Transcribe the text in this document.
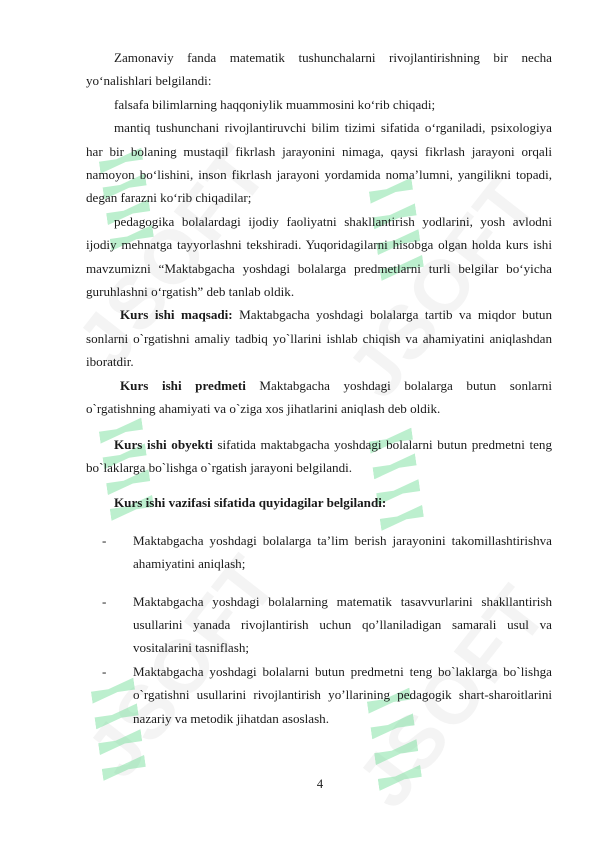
Zamonaviy fanda matematik tushunchalarni rivojlantirishning bir necha yo‘nalishlari belgilandi:

falsafa bilimlarning haqqoniylik muammosini ko‘rib chiqadi;

mantiq tushunchani rivojlantiruvchi bilim tizimi sifatida o‘rganiladi, psixologiya har bir bolaning mustaqil fikrlash jarayonini nimaga, qaysi fikrlash jarayoni orqali namoyon bo‘lishini, inson fikrlash jarayoni yordamida noma’lumni, yangilikni topadi, degan farazni ko‘rib chiqadilar;

pedagogika bolalardagi ijodiy faoliyatni shakllantirish yodlarini, yosh avlodni ijodiy mehnatga tayyorlashni tekshiradi. Yuqoridagilarni hisobga olgan holda kurs ishi mavzumizni “Maktabgacha yoshdagi bolalarga predmetlarni turli belgilar bo‘yicha guruhlashni o‘rgatish” deb tanlab oldik.

Kurs ishi maqsadi: Maktabgacha yoshdagi bolalarga tartib va miqdor butun sonlarni o`rgatishni amaliy tadbiq yo`llarini ishlab chiqish va ahamiyatini aniqlashdan iboratdir.

Kurs ishi predmeti Maktabgacha yoshdagi bolalarga butun sonlarni o`rgatishning ahamiyati va o`ziga xos jihatlarini aniqlash deb oldik.

Kurs ishi obyekti sifatida maktabgacha yoshdagi bolalarni butun predmetni teng bo`laklarga bo`lishga o`rgatish jarayoni belgilandi.

Kurs ishi vazifasi sifatida quyidagilar belgilandi:

- Maktabgacha yoshdagi bolalarga ta’lim berish jarayonini takomillashtirishva ahamiyatini aniqlash;
- Maktabgacha yoshdagi bolalarning matematik tasavvurlarini shakllantirish usullarini yanada rivojlantirish uchun qo’llaniladigan samarali usul va vositalarini tasniflash;
- Maktabgacha yoshdagi bolalarni butun predmetni teng bo`laklarga bo`lishga o`rgatishni usullarini rivojlantirish yo’llarining pedagogik shart-sharoitlarini nazariy va metodik jihatdan asoslash.
4
